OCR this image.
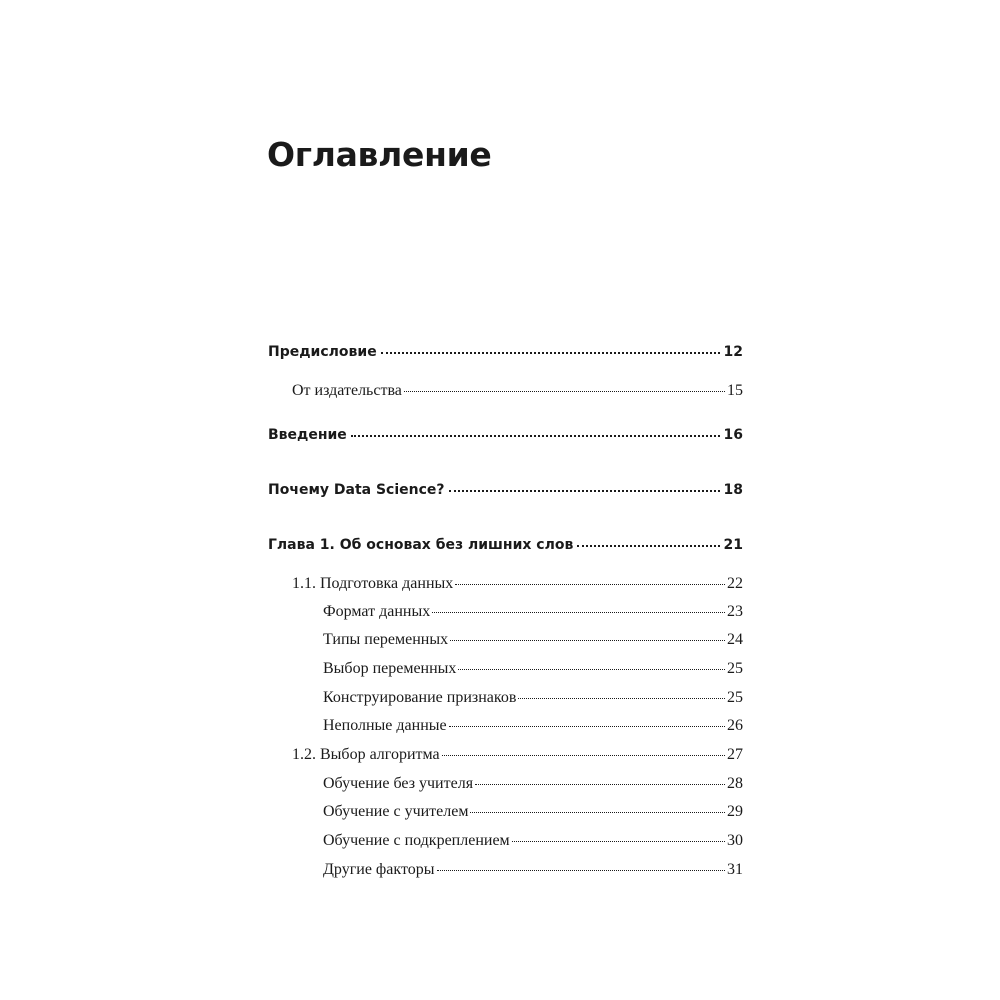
Оглавление
Предисловие	12
От издательства	15
Введение	16
Почему Data Science?	18
Глава 1. Об основах без лишних слов	21
1.1. Подготовка данных	22
Формат данных	23
Типы переменных	24
Выбор переменных	25
Конструирование признаков	25
Неполные данные	26
1.2. Выбор алгоритма	27
Обучение без учителя	28
Обучение с учителем	29
Обучение с подкреплением	30
Другие факторы	31
